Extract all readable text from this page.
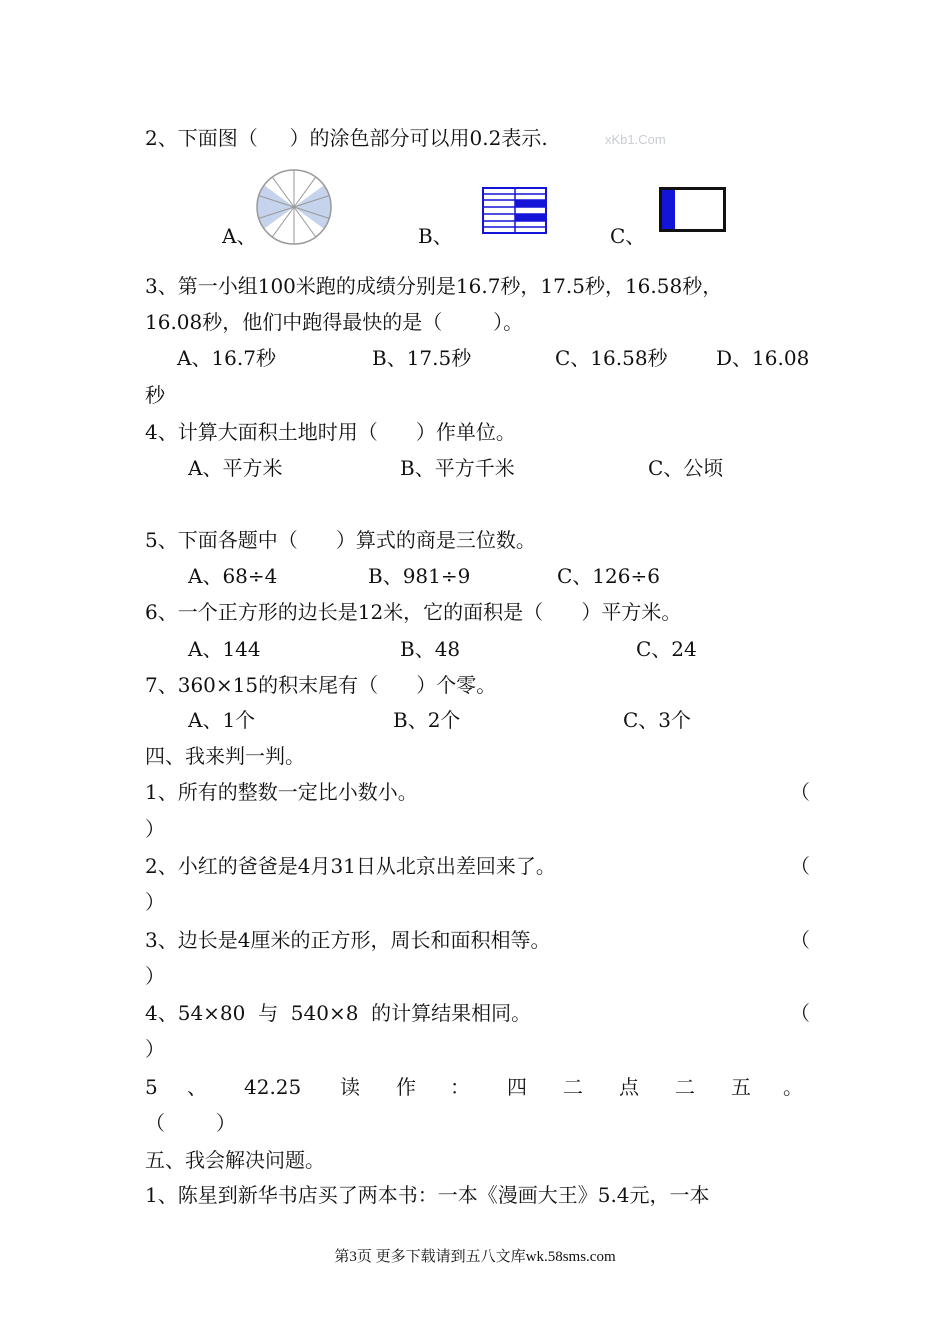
2、下面图（     ）的涂色部分可以用0.2表示.	xKb1.Com
A、	B、	C、
3、第一小组100米跑的成绩分别是16.7秒，17.5秒，16.58秒，
16.08秒，他们中跑得最快的是（        ）。
A、16.7秒	B、17.5秒	C、16.58秒 D、16.08
秒
4、计算大面积土地时用（      ）作单位。
A、平方米	B、平方千米	C、公顷
5、下面各题中（      ）算式的商是三位数。
A、68÷4	B、981÷9	C、126÷6
6、一个正方形的边长是12米，它的面积是（      ）平方米。
A、144	B、48	C、24
7、360×15的积末尾有（      ）个零。
A、1个	B、2个	C、3个
四、我来判一判。
1、所有的整数一定比小数小。	（
）
2、小红的爸爸是4月31日从北京出差回来了。	（
）
3、边长是4厘米的正方形，周长和面积相等。	（
）
4、54×80  与  540×8  的计算结果相同。	（
）
5 、 42.25 读 作 ： 四 二 点 二 五 。
（        ）
五、我会解决问题。
1、陈星到新华书店买了两本书：一本《漫画大王》5.4元，一本
第3页 更多下载请到五八文库wk.58sms.com
